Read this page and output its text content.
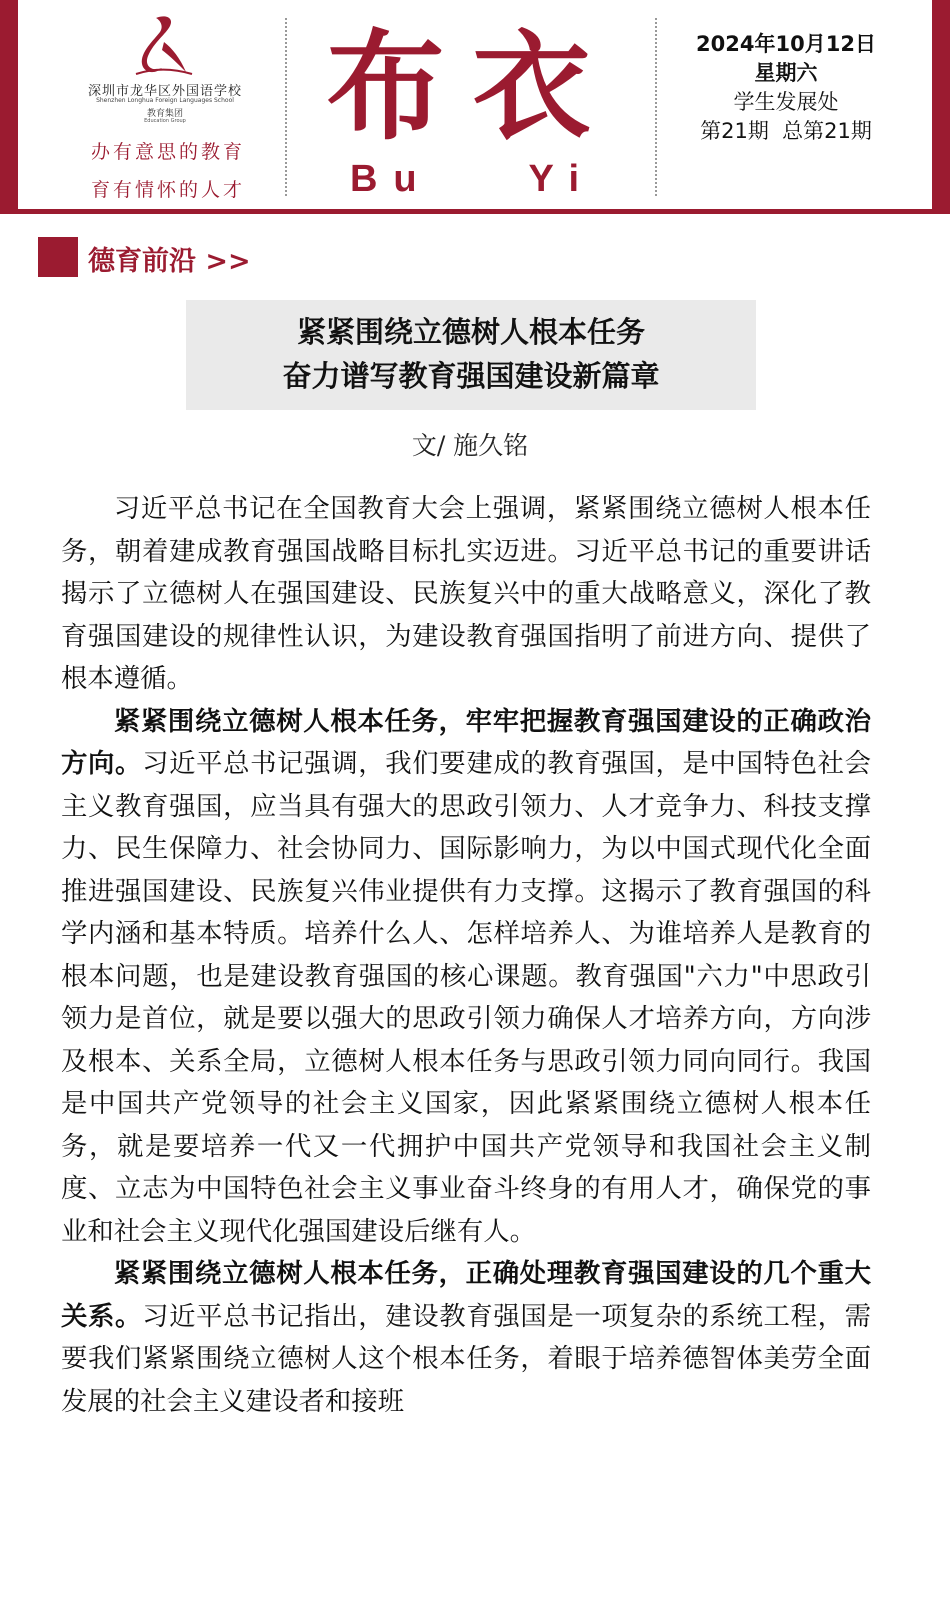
深圳市龙华区外国语学校
Shenzhen Longhua Foreign Languages School
教育集团
Education Group
办有意思的教育
育有情怀的人才
布衣
Bu Yi
2024年10月12日
星期六
学生发展处
第21期  总第21期
德育前沿 >>
紧紧围绕立德树人根本任务
奋力谱写教育强国建设新篇章
文/ 施久铭

习近平总书记在全国教育大会上强调，紧紧围绕立德树人根本任务，朝着建成教育强国战略目标扎实迈进。习近平总书记的重要讲话揭示了立德树人在强国建设、民族复兴中的重大战略意义，深化了教育强国建设的规律性认识，为建设教育强国指明了前进方向、提供了根本遵循。

紧紧围绕立德树人根本任务，牢牢把握教育强国建设的正确政治方向。习近平总书记强调，我们要建成的教育强国，是中国特色社会主义教育强国，应当具有强大的思政引领力、人才竞争力、科技支撑力、民生保障力、社会协同力、国际影响力，为以中国式现代化全面推进强国建设、民族复兴伟业提供有力支撑。这揭示了教育强国的科学内涵和基本特质。培养什么人、怎样培养人、为谁培养人是教育的根本问题，也是建设教育强国的核心课题。教育强国"六力"中思政引领力是首位，就是要以强大的思政引领力确保人才培养方向，方向涉及根本、关系全局，立德树人根本任务与思政引领力同向同行。我国是中国共产党领导的社会主义国家，因此紧紧围绕立德树人根本任务，就是要培养一代又一代拥护中国共产党领导和我国社会主义制度、立志为中国特色社会主义事业奋斗终身的有用人才，确保党的事业和社会主义现代化强国建设后继有人。

紧紧围绕立德树人根本任务，正确处理教育强国建设的几个重大关系。习近平总书记指出，建设教育强国是一项复杂的系统工程，需要我们紧紧围绕立德树人这个根本任务，着眼于培养德智体美劳全面发展的社会主义建设者和接班
